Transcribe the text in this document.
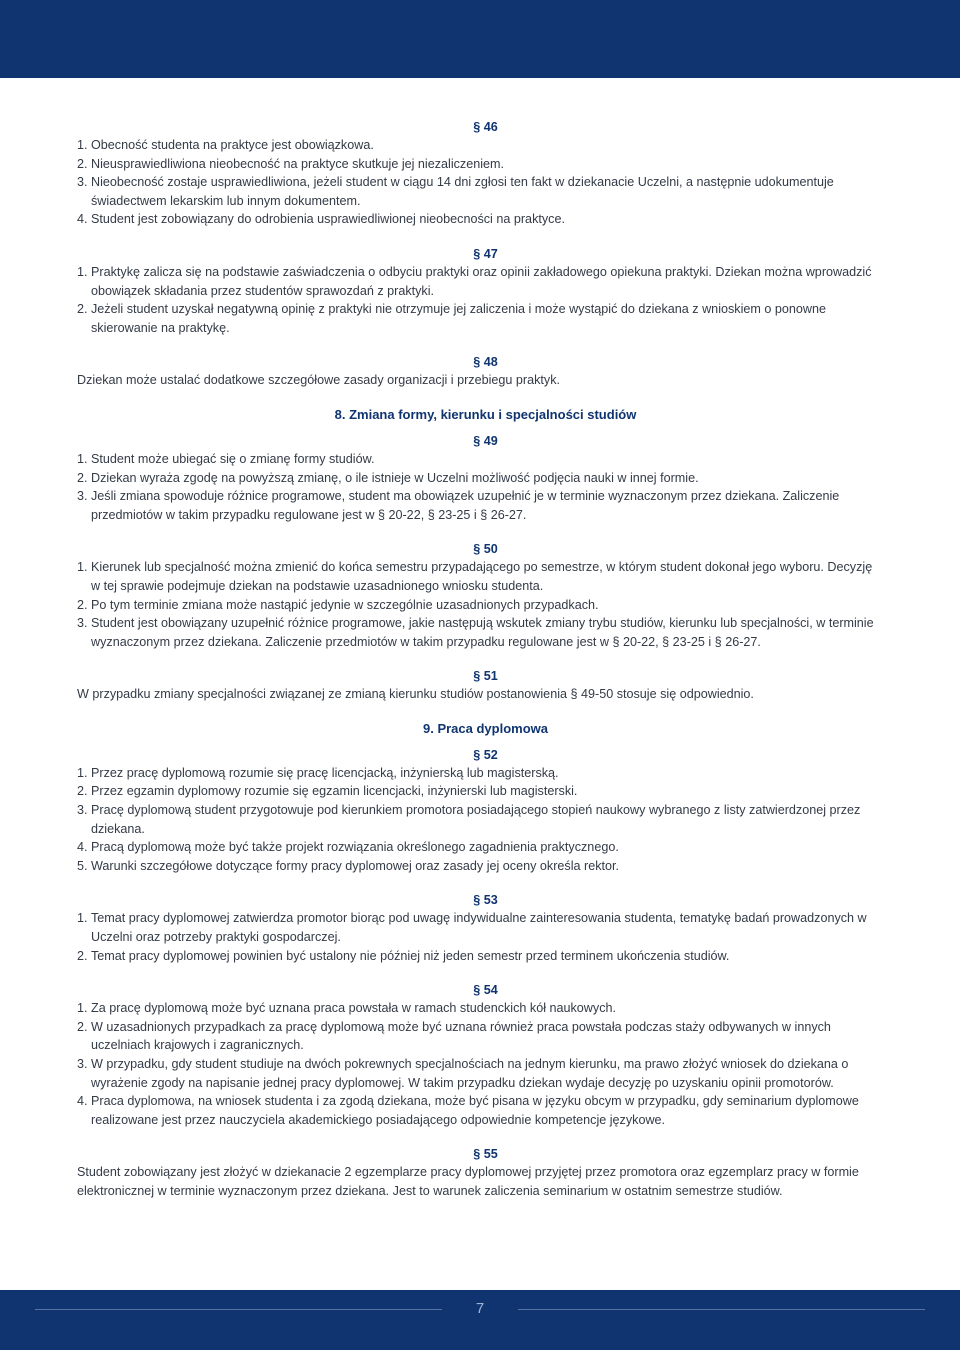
§ 46
1. Obecność studenta na praktyce jest obowiązkowa.
2. Nieusprawiedliwiona nieobecność na praktyce skutkuje jej niezaliczeniem.
3. Nieobecność zostaje usprawiedliwiona, jeżeli student w ciągu 14 dni zgłosi ten fakt w dziekanacie Uczelni, a następnie udokumentuje świadectwem lekarskim lub innym dokumentem.
4. Student jest zobowiązany do odrobienia usprawiedliwionej nieobecności na praktyce.
§ 47
1. Praktykę zalicza się na podstawie zaświadczenia o odbyciu praktyki oraz opinii zakładowego opiekuna praktyki. Dziekan można wprowadzić obowiązek składania przez studentów sprawozdań z praktyki.
2. Jeżeli student uzyskał negatywną opinię z praktyki nie otrzymuje jej zaliczenia i może wystąpić do dziekana z wnioskiem o ponowne skierowanie na praktykę.
§ 48

Dziekan może ustalać dodatkowe szczegółowe zasady organizacji i przebiegu praktyk.

8. Zmiana formy, kierunku i specjalności studiów
§ 49
1. Student może ubiegać się o zmianę formy studiów.
2. Dziekan wyraża zgodę na powyższą zmianę, o ile istnieje w Uczelni możliwość podjęcia nauki w innej formie.
3. Jeśli zmiana spowoduje różnice programowe, student ma obowiązek uzupełnić je w terminie wyznaczonym przez dziekana. Zaliczenie przedmiotów w takim przypadku regulowane jest w § 20-22, § 23-25 i § 26-27.
§ 50
1. Kierunek lub specjalność można zmienić do końca semestru przypadającego po semestrze, w którym student dokonał jego wyboru. Decyzję w tej sprawie podejmuje dziekan na podstawie uzasadnionego wniosku studenta.
2. Po tym terminie zmiana może nastąpić jedynie w szczególnie uzasadnionych przypadkach.
3. Student jest obowiązany uzupełnić różnice programowe, jakie następują wskutek zmiany trybu studiów, kierunku lub specjalności, w terminie wyznaczonym przez dziekana. Zaliczenie przedmiotów w takim przypadku regulowane jest w § 20-22, § 23-25 i § 26-27.
§ 51

W przypadku zmiany specjalności związanej ze zmianą kierunku studiów postanowienia § 49-50 stosuje się odpowiednio.

9. Praca dyplomowa
§ 52
1. Przez pracę dyplomową rozumie się pracę licencjacką, inżynierską lub magisterską.
2. Przez egzamin dyplomowy rozumie się egzamin licencjacki, inżynierski lub magisterski.
3. Pracę dyplomową student przygotowuje pod kierunkiem promotora posiadającego stopień naukowy wybranego z listy zatwierdzonej przez dziekana.
4. Pracą dyplomową może być także projekt rozwiązania określonego zagadnienia praktycznego.
5. Warunki szczegółowe dotyczące formy pracy dyplomowej oraz zasady jej oceny określa rektor.
§ 53
1. Temat pracy dyplomowej zatwierdza promotor biorąc pod uwagę indywidualne zainteresowania studenta, tematykę badań prowadzonych w Uczelni oraz potrzeby praktyki gospodarczej.
2. Temat pracy dyplomowej powinien być ustalony nie później niż jeden semestr przed terminem ukończenia studiów.
§ 54
1. Za pracę dyplomową może być uznana praca powstała w ramach studenckich kół naukowych.
2. W uzasadnionych przypadkach za pracę dyplomową może być uznana również praca powstała podczas staży odbywanych w innych uczelniach krajowych i zagranicznych.
3. W przypadku, gdy student studiuje na dwóch pokrewnych specjalnościach na jednym kierunku, ma prawo złożyć wniosek do dziekana o wyrażenie zgody na napisanie jednej pracy dyplomowej. W takim przypadku dziekan wydaje decyzję po uzyskaniu opinii promotorów.
4. Praca dyplomowa, na wniosek studenta i za zgodą dziekana, może być pisana w języku obcym w przypadku, gdy seminarium dyplomowe realizowane jest przez nauczyciela akademickiego posiadającego odpowiednie kompetencje językowe.
§ 55

Student zobowiązany jest złożyć w dziekanacie 2 egzemplarze pracy dyplomowej przyjętej przez promotora oraz egzemplarz pracy w formie elektronicznej w terminie wyznaczonym przez dziekana. Jest to warunek zaliczenia seminarium w ostatnim semestrze studiów.

7
